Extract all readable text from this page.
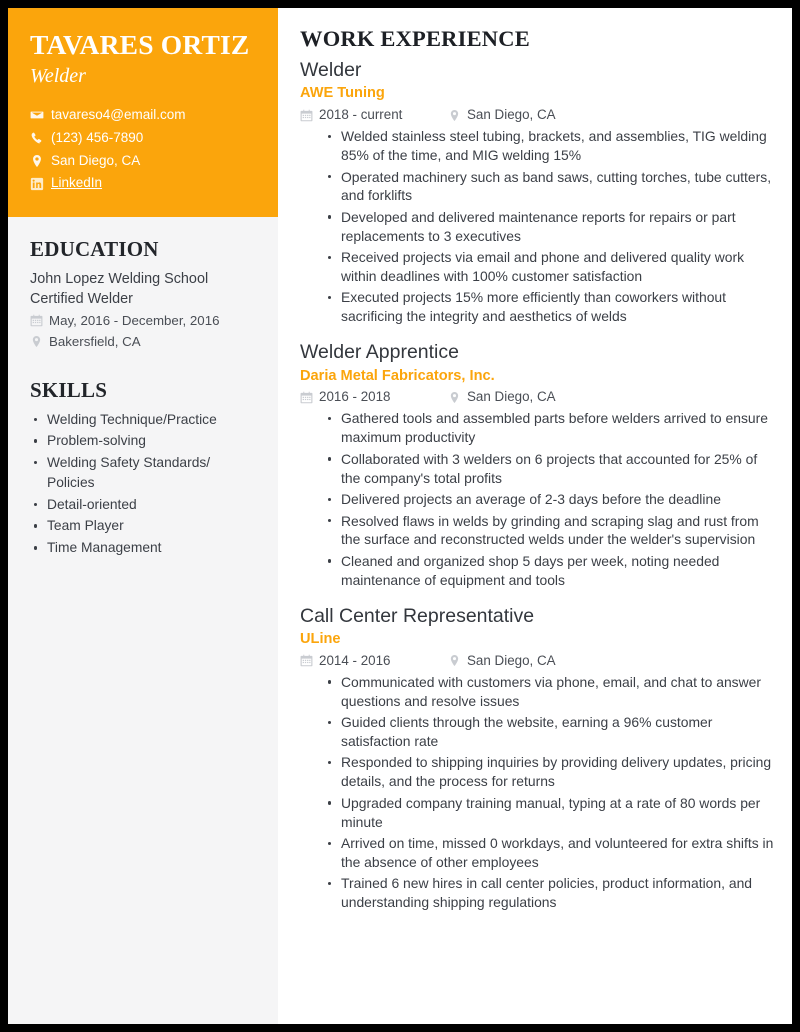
TAVARES ORTIZ
Welder
tavareso4@email.com
(123) 456-7890
San Diego, CA
LinkedIn
EDUCATION
John Lopez Welding School
Certified Welder
May, 2016 - December, 2016
Bakersfield, CA
SKILLS
Welding Technique/Practice
Problem-solving
Welding Safety Standards/ Policies
Detail-oriented
Team Player
Time Management
WORK EXPERIENCE
Welder
AWE Tuning
2018 - current	San Diego, CA
Welded stainless steel tubing, brackets, and assemblies, TIG welding 85% of the time, and MIG welding 15%
Operated machinery such as band saws, cutting torches, tube cutters, and forklifts
Developed and delivered maintenance reports for repairs or part replacements to 3 executives
Received projects via email and phone and delivered quality work within deadlines with 100% customer satisfaction
Executed projects 15% more efficiently than coworkers without sacrificing the integrity and aesthetics of welds
Welder Apprentice
Daria Metal Fabricators, Inc.
2016 - 2018	San Diego, CA
Gathered tools and assembled parts before welders arrived to ensure maximum productivity
Collaborated with 3 welders on 6 projects that accounted for 25% of the company's total profits
Delivered projects an average of 2-3 days before the deadline
Resolved flaws in welds by grinding and scraping slag and rust from the surface and reconstructed welds under the welder's supervision
Cleaned and organized shop 5 days per week, noting needed maintenance of equipment and tools
Call Center Representative
ULine
2014 - 2016	San Diego, CA
Communicated with customers via phone, email, and chat to answer questions and resolve issues
Guided clients through the website, earning a 96% customer satisfaction rate
Responded to shipping inquiries by providing delivery updates, pricing details, and the process for returns
Upgraded company training manual, typing at a rate of 80 words per minute
Arrived on time, missed 0 workdays, and volunteered for extra shifts in the absence of other employees
Trained 6 new hires in call center policies, product information, and understanding shipping regulations
